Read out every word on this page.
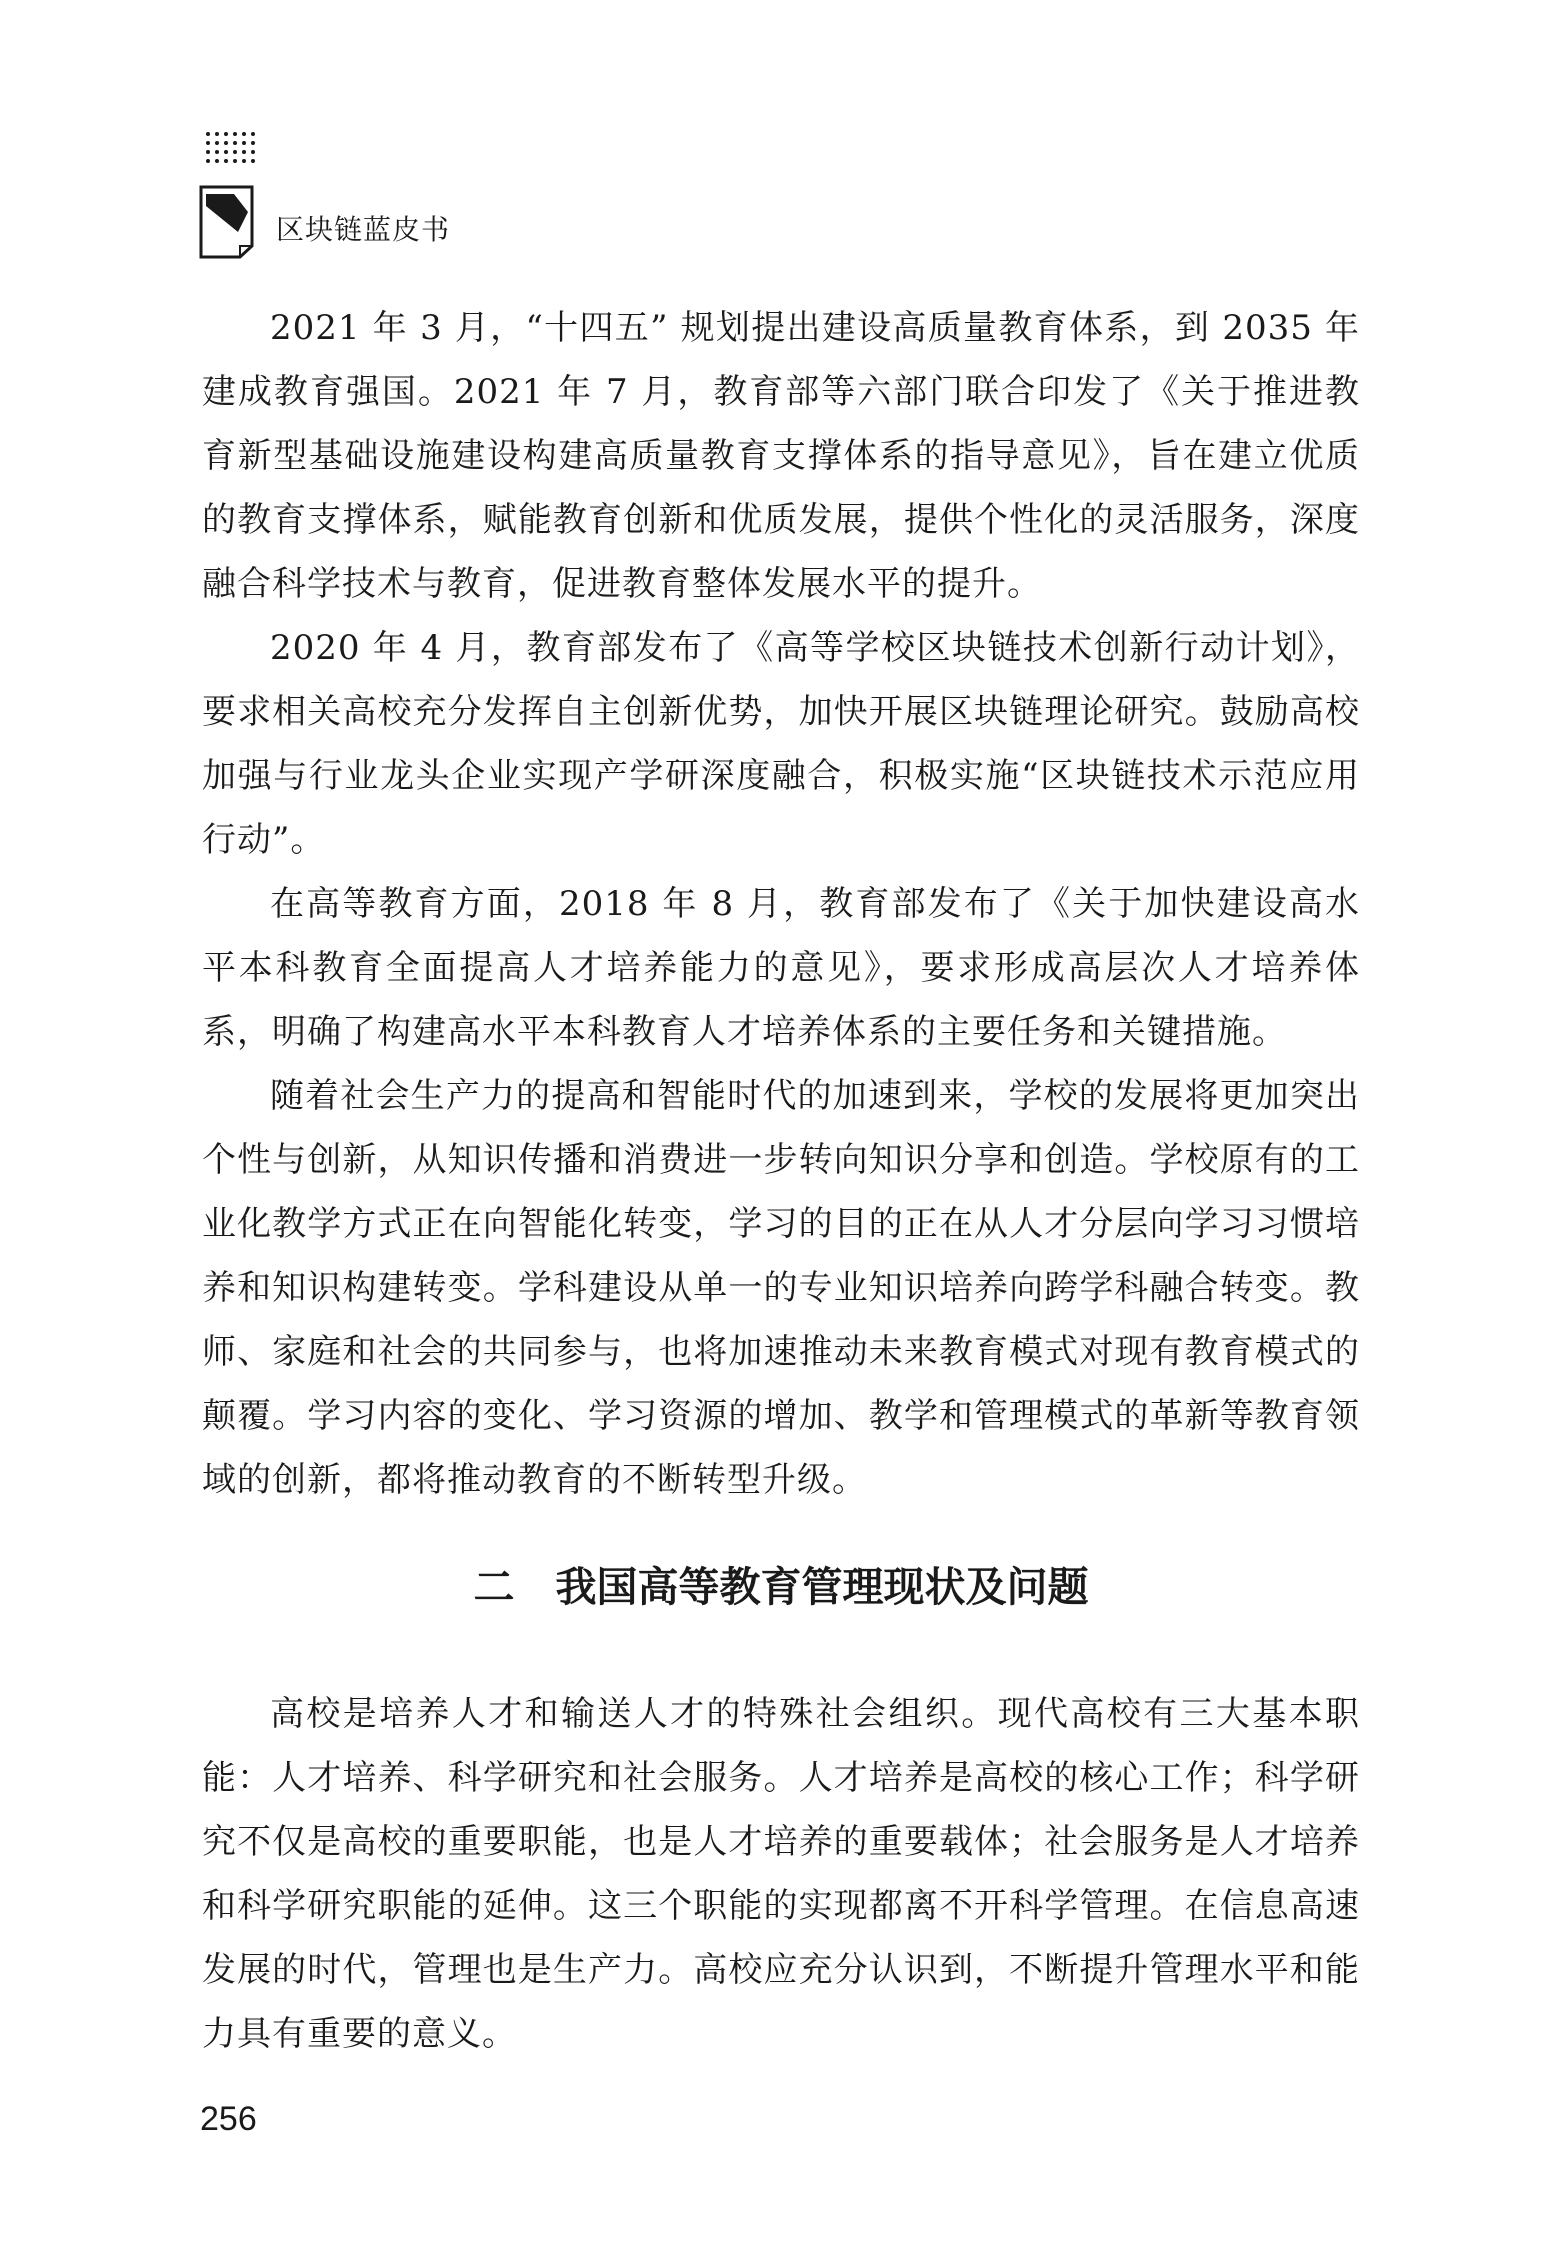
区块链蓝皮书

2021 年 3 月，“十四五” 规划提出建设高质量教育体系，到 2035 年建成教育强国。2021 年 7 月，教育部等六部门联合印发了《关于推进教育新型基础设施建设构建高质量教育支撑体系的指导意见》，旨在建立优质的教育支撑体系，赋能教育创新和优质发展，提供个性化的灵活服务，深度融合科学技术与教育，促进教育整体发展水平的提升。

2020 年 4 月，教育部发布了《高等学校区块链技术创新行动计划》，要求相关高校充分发挥自主创新优势，加快开展区块链理论研究。鼓励高校加强与行业龙头企业实现产学研深度融合，积极实施“区块链技术示范应用行动”。

在高等教育方面，2018 年 8 月，教育部发布了《关于加快建设高水平本科教育全面提高人才培养能力的意见》，要求形成高层次人才培养体系，明确了构建高水平本科教育人才培养体系的主要任务和关键措施。

随着社会生产力的提高和智能时代的加速到来，学校的发展将更加突出个性与创新，从知识传播和消费进一步转向知识分享和创造。学校原有的工业化教学方式正在向智能化转变，学习的目的正在从人才分层向学习习惯培养和知识构建转变。学科建设从单一的专业知识培养向跨学科融合转变。教师、家庭和社会的共同参与，也将加速推动未来教育模式对现有教育模式的颠覆。学习内容的变化、学习资源的增加、教学和管理模式的革新等教育领域的创新，都将推动教育的不断转型升级。

二　我国高等教育管理现状及问题

高校是培养人才和输送人才的特殊社会组织。现代高校有三大基本职能：人才培养、科学研究和社会服务。人才培养是高校的核心工作；科学研究不仅是高校的重要职能，也是人才培养的重要载体；社会服务是人才培养和科学研究职能的延伸。这三个职能的实现都离不开科学管理。在信息高速发展的时代，管理也是生产力。高校应充分认识到，不断提升管理水平和能力具有重要的意义。

256
